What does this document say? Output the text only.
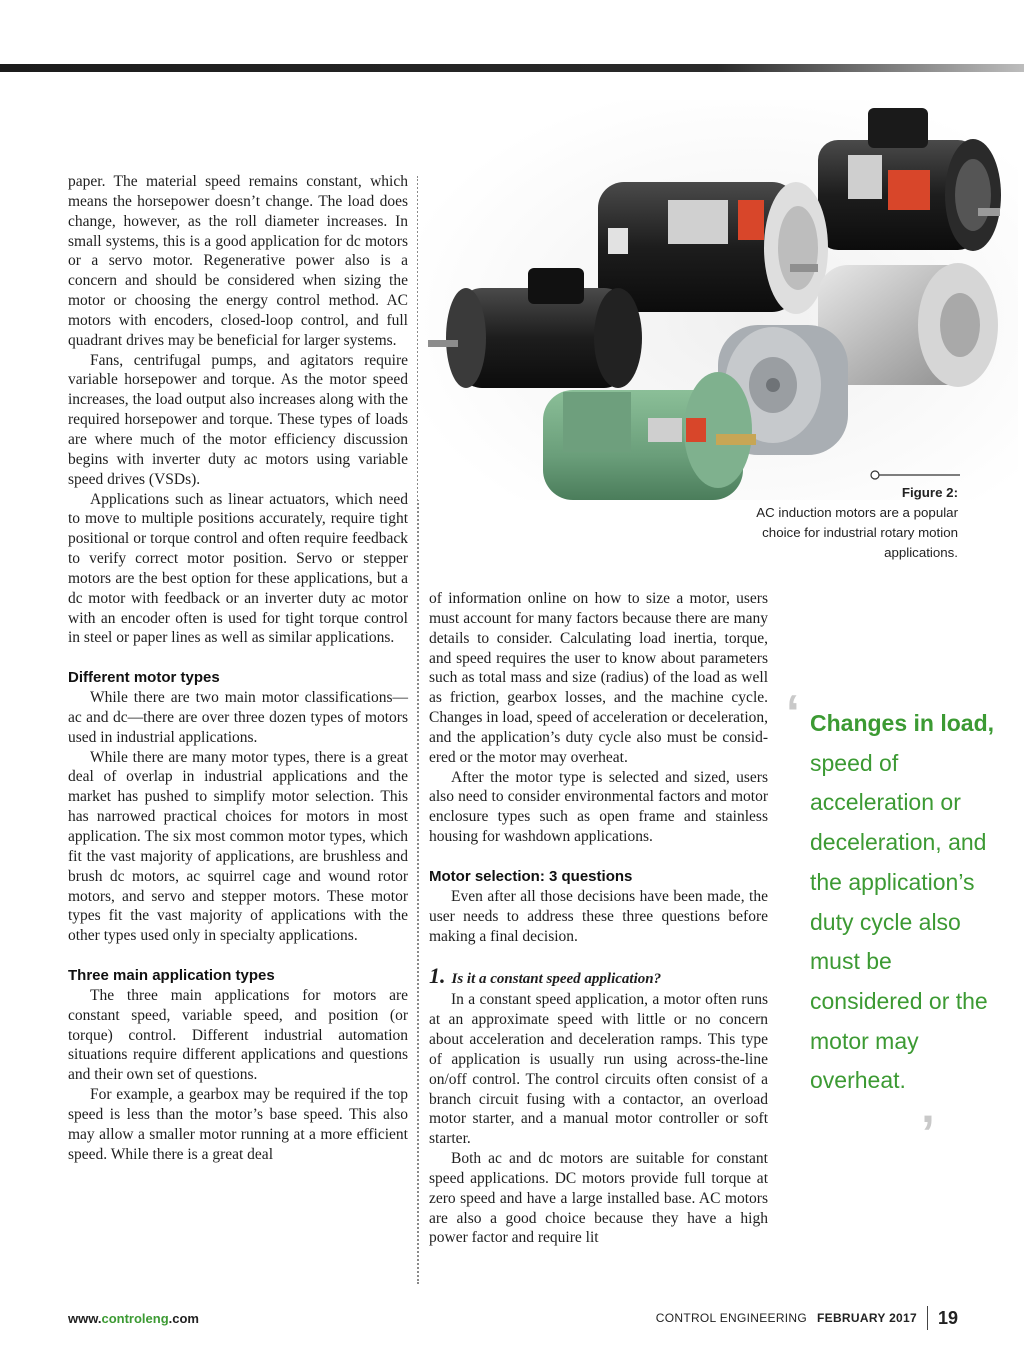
paper. The material speed remains constant, which means the horsepower doesn’t change. The load does change, however, as the roll diameter increases. In small systems, this is a good application for dc motors or a servo motor. Regenerative power also is a concern and should be considered when sizing the motor or choosing the energy control method. AC motors with encoders, closed-loop control, and full quadrant drives may be beneficial for larger systems.

Fans, centrifugal pumps, and agitators require variable horsepower and torque. As the motor speed increases, the load output also increases along with the required horsepower and torque. These types of loads are where much of the motor efficiency discussion begins with inverter duty ac motors using variable speed drives (VSDs).

Applications such as linear actuators, which need to move to multiple positions accurately, require tight positional or torque control and often require feedback to verify correct motor position. Servo or stepper motors are the best option for these applications, but a dc motor with feedback or an inverter duty ac motor with an encoder often is used for tight torque control in steel or paper lines as well as similar applications.

Different motor types

While there are two main motor classifications—ac and dc—there are over three dozen types of motors used in industrial applications.

While there are many motor types, there is a great deal of overlap in industrial applications and the market has pushed to simplify motor selection. This has narrowed practical choices for motors in most application. The six most common motor types, which fit the vast majority of applications, are brushless and brush dc motors, ac squirrel cage and wound rotor motors, and servo and stepper motors. These motor types fit the vast majority of applications with the other types used only in specialty applications.

Three main application types

The three main applications for motors are constant speed, variable speed, and position (or torque) control. Different industrial automation situations require different applications and questions and their own set of questions.

For example, a gearbox may be required if the top speed is less than the motor’s base speed. This also may allow a smaller motor running at a more efficient speed. While there is a great deal

Figure 2:
AC induction motors are a popular choice for industrial rotary motion applications.

of information online on how to size a motor, users must account for many factors because there are many details to consider. Calculating load inertia, torque, and speed requires the user to know about parameters such as total mass and size (radius) of the load as well as friction, gearbox losses, and the machine cycle. Changes in load, speed of acceleration or deceleration, and the application’s duty cycle also must be considered or the motor may overheat.

After the motor type is selected and sized, users also need to consider environmental factors and motor enclosure types such as open frame and stainless housing for washdown applications.

Motor selection: 3 questions

Even after all those decisions have been made, the user needs to address these three questions before making a final decision.

1. Is it a constant speed application?

In a constant speed application, a motor often runs at an approximate speed with little or no concern about acceleration and deceleration ramps. This type of application is usually run using across-the-line on/off control. The control circuits often consist of a branch circuit fusing with a contactor, an overload motor starter, and a manual motor controller or soft starter.

Both ac and dc motors are suitable for constant speed applications. DC motors provide full torque at zero speed and have a large installed base. AC motors are also a good choice because they have a high power factor and require lit

‘ Changes in load, speed of acceleration or deceleration, and the application’s duty cycle also must be considered or the motor may overheat.
’
www.controleng.com	CONTROL ENGINEERING FEBRUARY 2017 19
